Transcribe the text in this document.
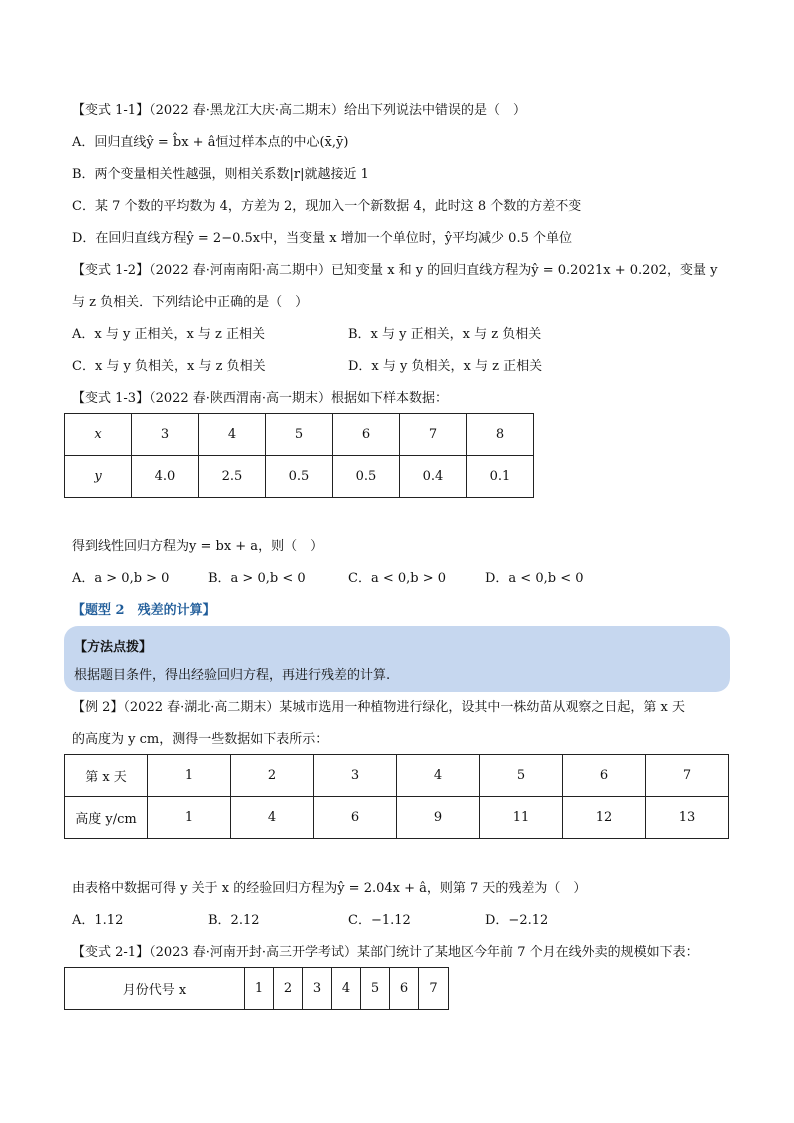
【变式 1-1】（2022 春·黑龙江大庆·高二期末）给出下列说法中错误的是（　）
A．回归直线ŷ = b̂x + â恒过样本点的中心(x̄,ȳ)
B．两个变量相关性越强，则相关系数|r|就越接近 1
C．某 7 个数的平均数为 4，方差为 2，现加入一个新数据 4，此时这 8 个数的方差不变
D．在回归直线方程ŷ = 2−0.5x中，当变量 x 增加一个单位时，ŷ平均减少 0.5 个单位
【变式 1-2】（2022 春·河南南阳·高二期中）已知变量 x 和 y 的回归直线方程为ŷ = 0.2021x + 0.202，变量 y
与 z 负相关．下列结论中正确的是（　）
A．x 与 y 正相关，x 与 z 正相关	B．x 与 y 正相关，x 与 z 负相关
C．x 与 y 负相关，x 与 z 负相关	D．x 与 y 负相关，x 与 z 正相关
【变式 1-3】（2022 春·陕西渭南·高一期末）根据如下样本数据：
x	3	4	5	6	7	8
y	4.0	2.5	0.5	0.5	0.4	0.1
得到线性回归方程为y = bx + a，则（　）
A．a > 0,b > 0	B．a > 0,b < 0	C．a < 0,b > 0	D．a < 0,b < 0
【题型 2　残差的计算】
【方法点拨】
根据题目条件，得出经验回归方程，再进行残差的计算.
【例 2】（2022 春·湖北·高二期末）某城市选用一种植物进行绿化，设其中一株幼苗从观察之日起，第 x 天
的高度为 y cm，测得一些数据如下表所示：
第 x 天	1	2	3	4	5	6	7
高度 y/cm	1	4	6	9	11	12	13
由表格中数据可得 y 关于 x 的经验回归方程为ŷ = 2.04x + â，则第 7 天的残差为（　）
A．1.12	B．2.12	C．−1.12	D．−2.12
【变式 2-1】（2023 春·河南开封·高三开学考试）某部门统计了某地区今年前 7 个月在线外卖的规模如下表：
月份代号 x	1	2	3	4	5	6	7
